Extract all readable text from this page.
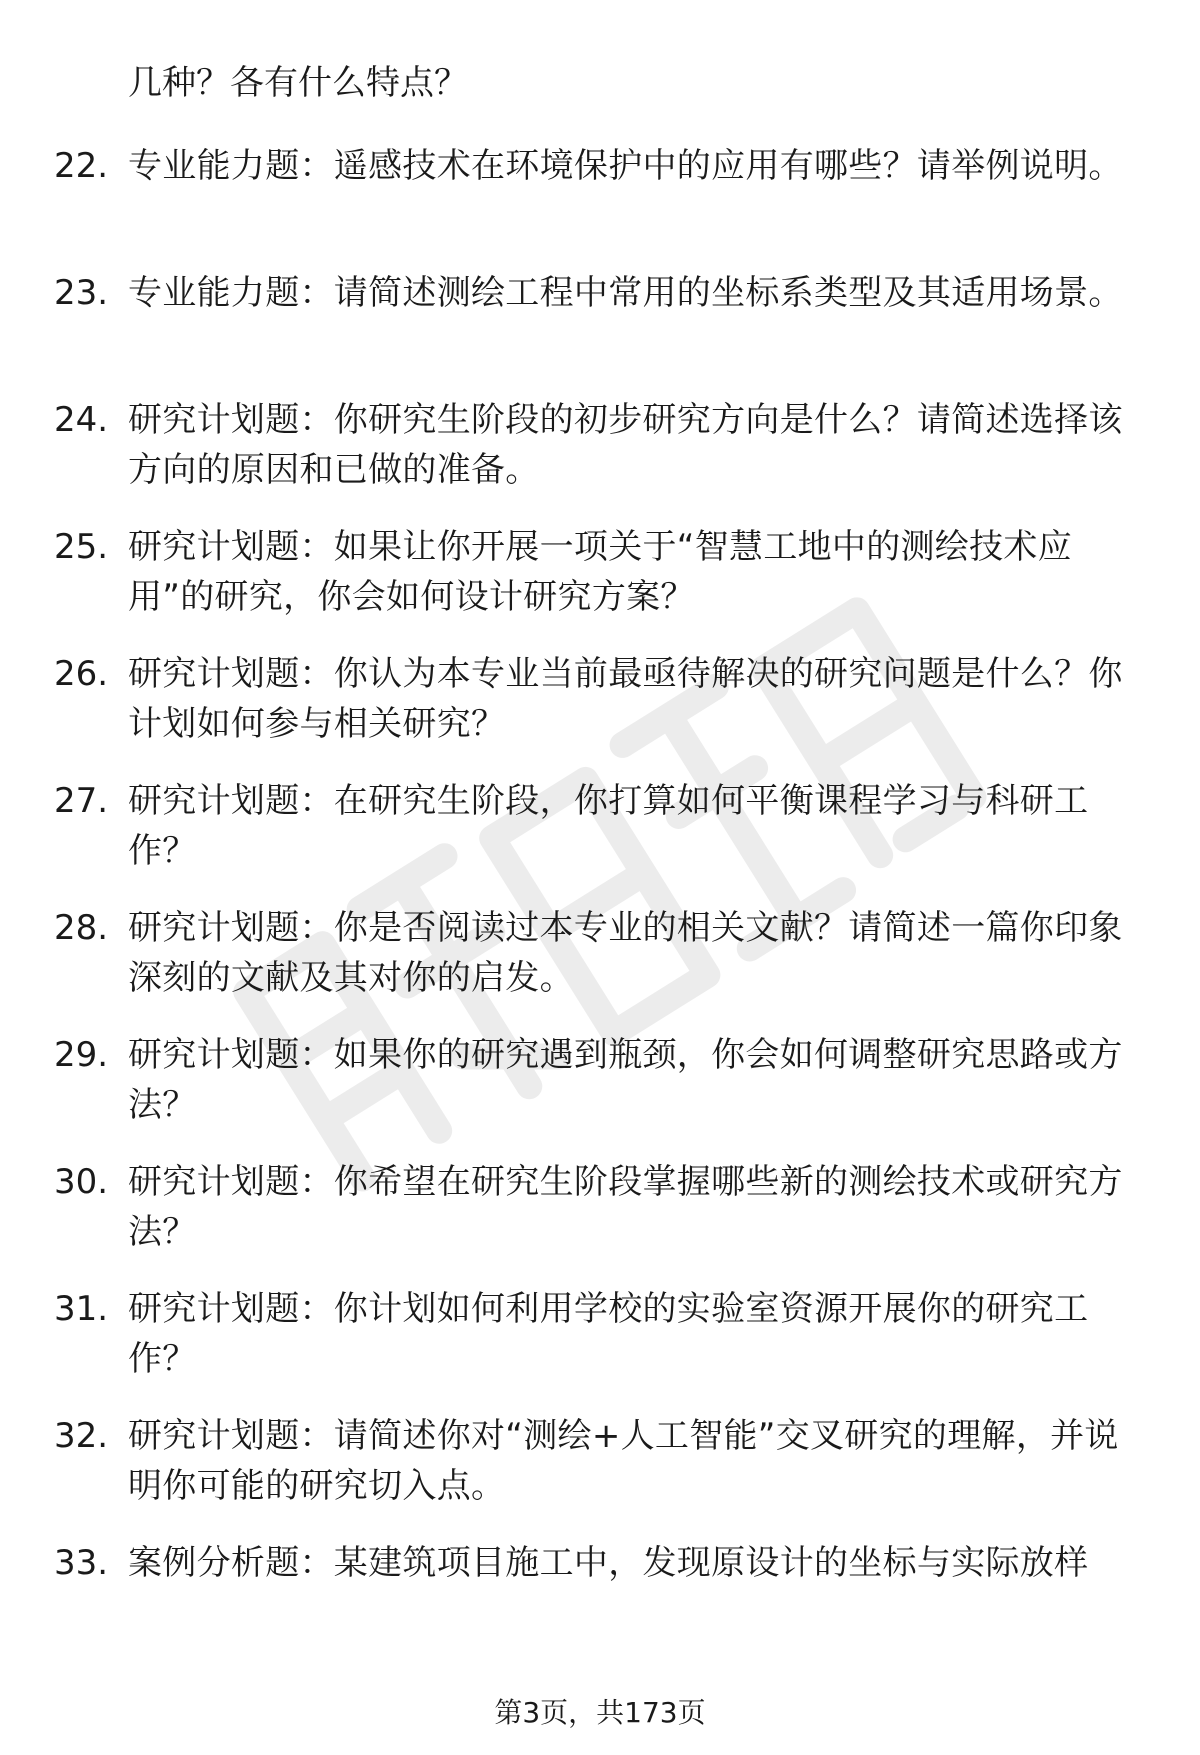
几种？各有什么特点？
22. 专业能力题：遥感技术在环境保护中的应用有哪些？请举例说明。

23. 专业能力题：请简述测绘工程中常用的坐标系类型及其适用场景。

24. 研究计划题：你研究生阶段的初步研究方向是什么？请简述选择该方向的原因和已做的准备。

25. 研究计划题：如果让你开展一项关于“智慧工地中的测绘技术应用”的研究，你会如何设计研究方案？

26. 研究计划题：你认为本专业当前最亟待解决的研究问题是什么？你计划如何参与相关研究？

27. 研究计划题：在研究生阶段，你打算如何平衡课程学习与科研工作？

28. 研究计划题：你是否阅读过本专业的相关文献？请简述一篇你印象深刻的文献及其对你的启发。

29. 研究计划题：如果你的研究遇到瓶颈，你会如何调整研究思路或方法？

30. 研究计划题：你希望在研究生阶段掌握哪些新的测绘技术或研究方法？

31. 研究计划题：你计划如何利用学校的实验室资源开展你的研究工作？

32. 研究计划题：请简述你对“测绘+人工智能”交叉研究的理解，并说明你可能的研究切入点。

33. 案例分析题：某建筑项目施工中，发现原设计的坐标与实际放样

第3页，共173页
